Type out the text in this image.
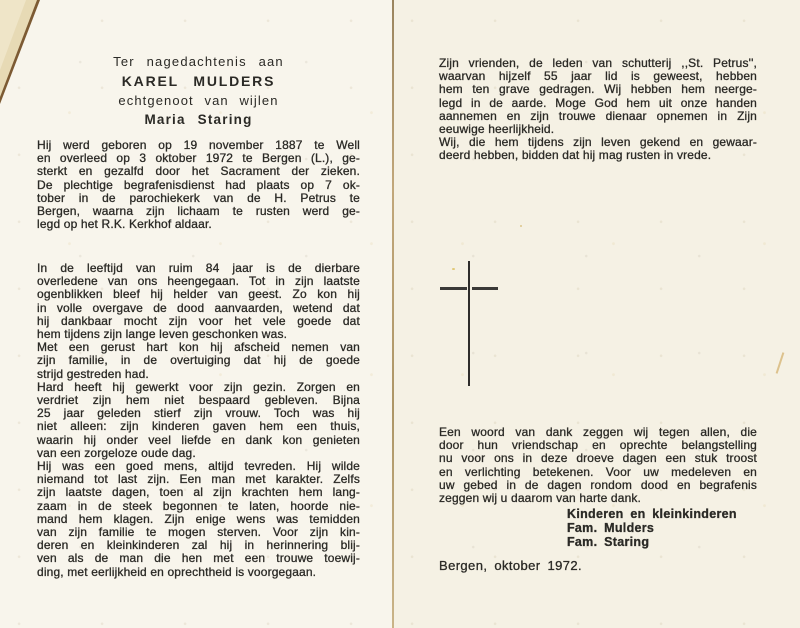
Ter nagedachtenis aan
KAREL MULDERS
echtgenoot van wijlen
Maria Staring
Hij werd geboren op 19 november 1887 te Well
en overleed op 3 oktober 1972 te Bergen (L.), ge-
sterkt en gezalfd door het Sacrament der zieken.
De plechtige begrafenisdienst had plaats op 7 ok-
tober in de parochiekerk van de H. Petrus te
Bergen, waarna zijn lichaam te rusten werd ge-
legd op het R.K. Kerkhof aldaar.
In de leeftijd van ruim 84 jaar is de dierbare
overledene van ons heengegaan. Tot in zijn laatste
ogenblikken bleef hij helder van geest. Zo kon hij
in volle overgave de dood aanvaarden, wetend dat
hij dankbaar mocht zijn voor het vele goede dat
hem tijdens zijn lange leven geschonken was.
Met een gerust hart kon hij afscheid nemen van
zijn familie, in de overtuiging dat hij de goede
strijd gestreden had.
Hard heeft hij gewerkt voor zijn gezin. Zorgen en
verdriet zijn hem niet bespaard gebleven. Bijna
25 jaar geleden stierf zijn vrouw. Toch was hij
niet alleen: zijn kinderen gaven hem een thuis,
waarin hij onder veel liefde en dank kon genieten
van een zorgeloze oude dag.
Hij was een goed mens, altijd tevreden. Hij wilde
niemand tot last zijn. Een man met karakter. Zelfs
zijn laatste dagen, toen al zijn krachten hem lang-
zaam in de steek begonnen te laten, hoorde nie-
mand hem klagen. Zijn enige wens was temidden
van zijn familie te mogen sterven. Voor zijn kin-
deren en kleinkinderen zal hij in herinnering blij-
ven als de man die hen met een trouwe toewij-
ding, met eerlijkheid en oprechtheid is voorgegaan.
Zijn vrienden, de leden van schutterij ,,St. Petrus'',
waarvan hijzelf 55 jaar lid is geweest, hebben
hem ten grave gedragen. Wij hebben hem neerge-
legd in de aarde. Moge God hem uit onze handen
aannemen en zijn trouwe dienaar opnemen in Zijn
eeuwige heerlijkheid.
Wij, die hem tijdens zijn leven gekend en gewaar-
deerd hebben, bidden dat hij mag rusten in vrede.
Een woord van dank zeggen wij tegen allen, die
door hun vriendschap en oprechte belangstelling
nu voor ons in deze droeve dagen een stuk troost
en verlichting betekenen. Voor uw medeleven en
uw gebed in de dagen rondom dood en begrafenis
zeggen wij u daarom van harte dank.
Kinderen en kleinkinderen
Fam. Mulders
Fam. Staring
Bergen, oktober 1972.
